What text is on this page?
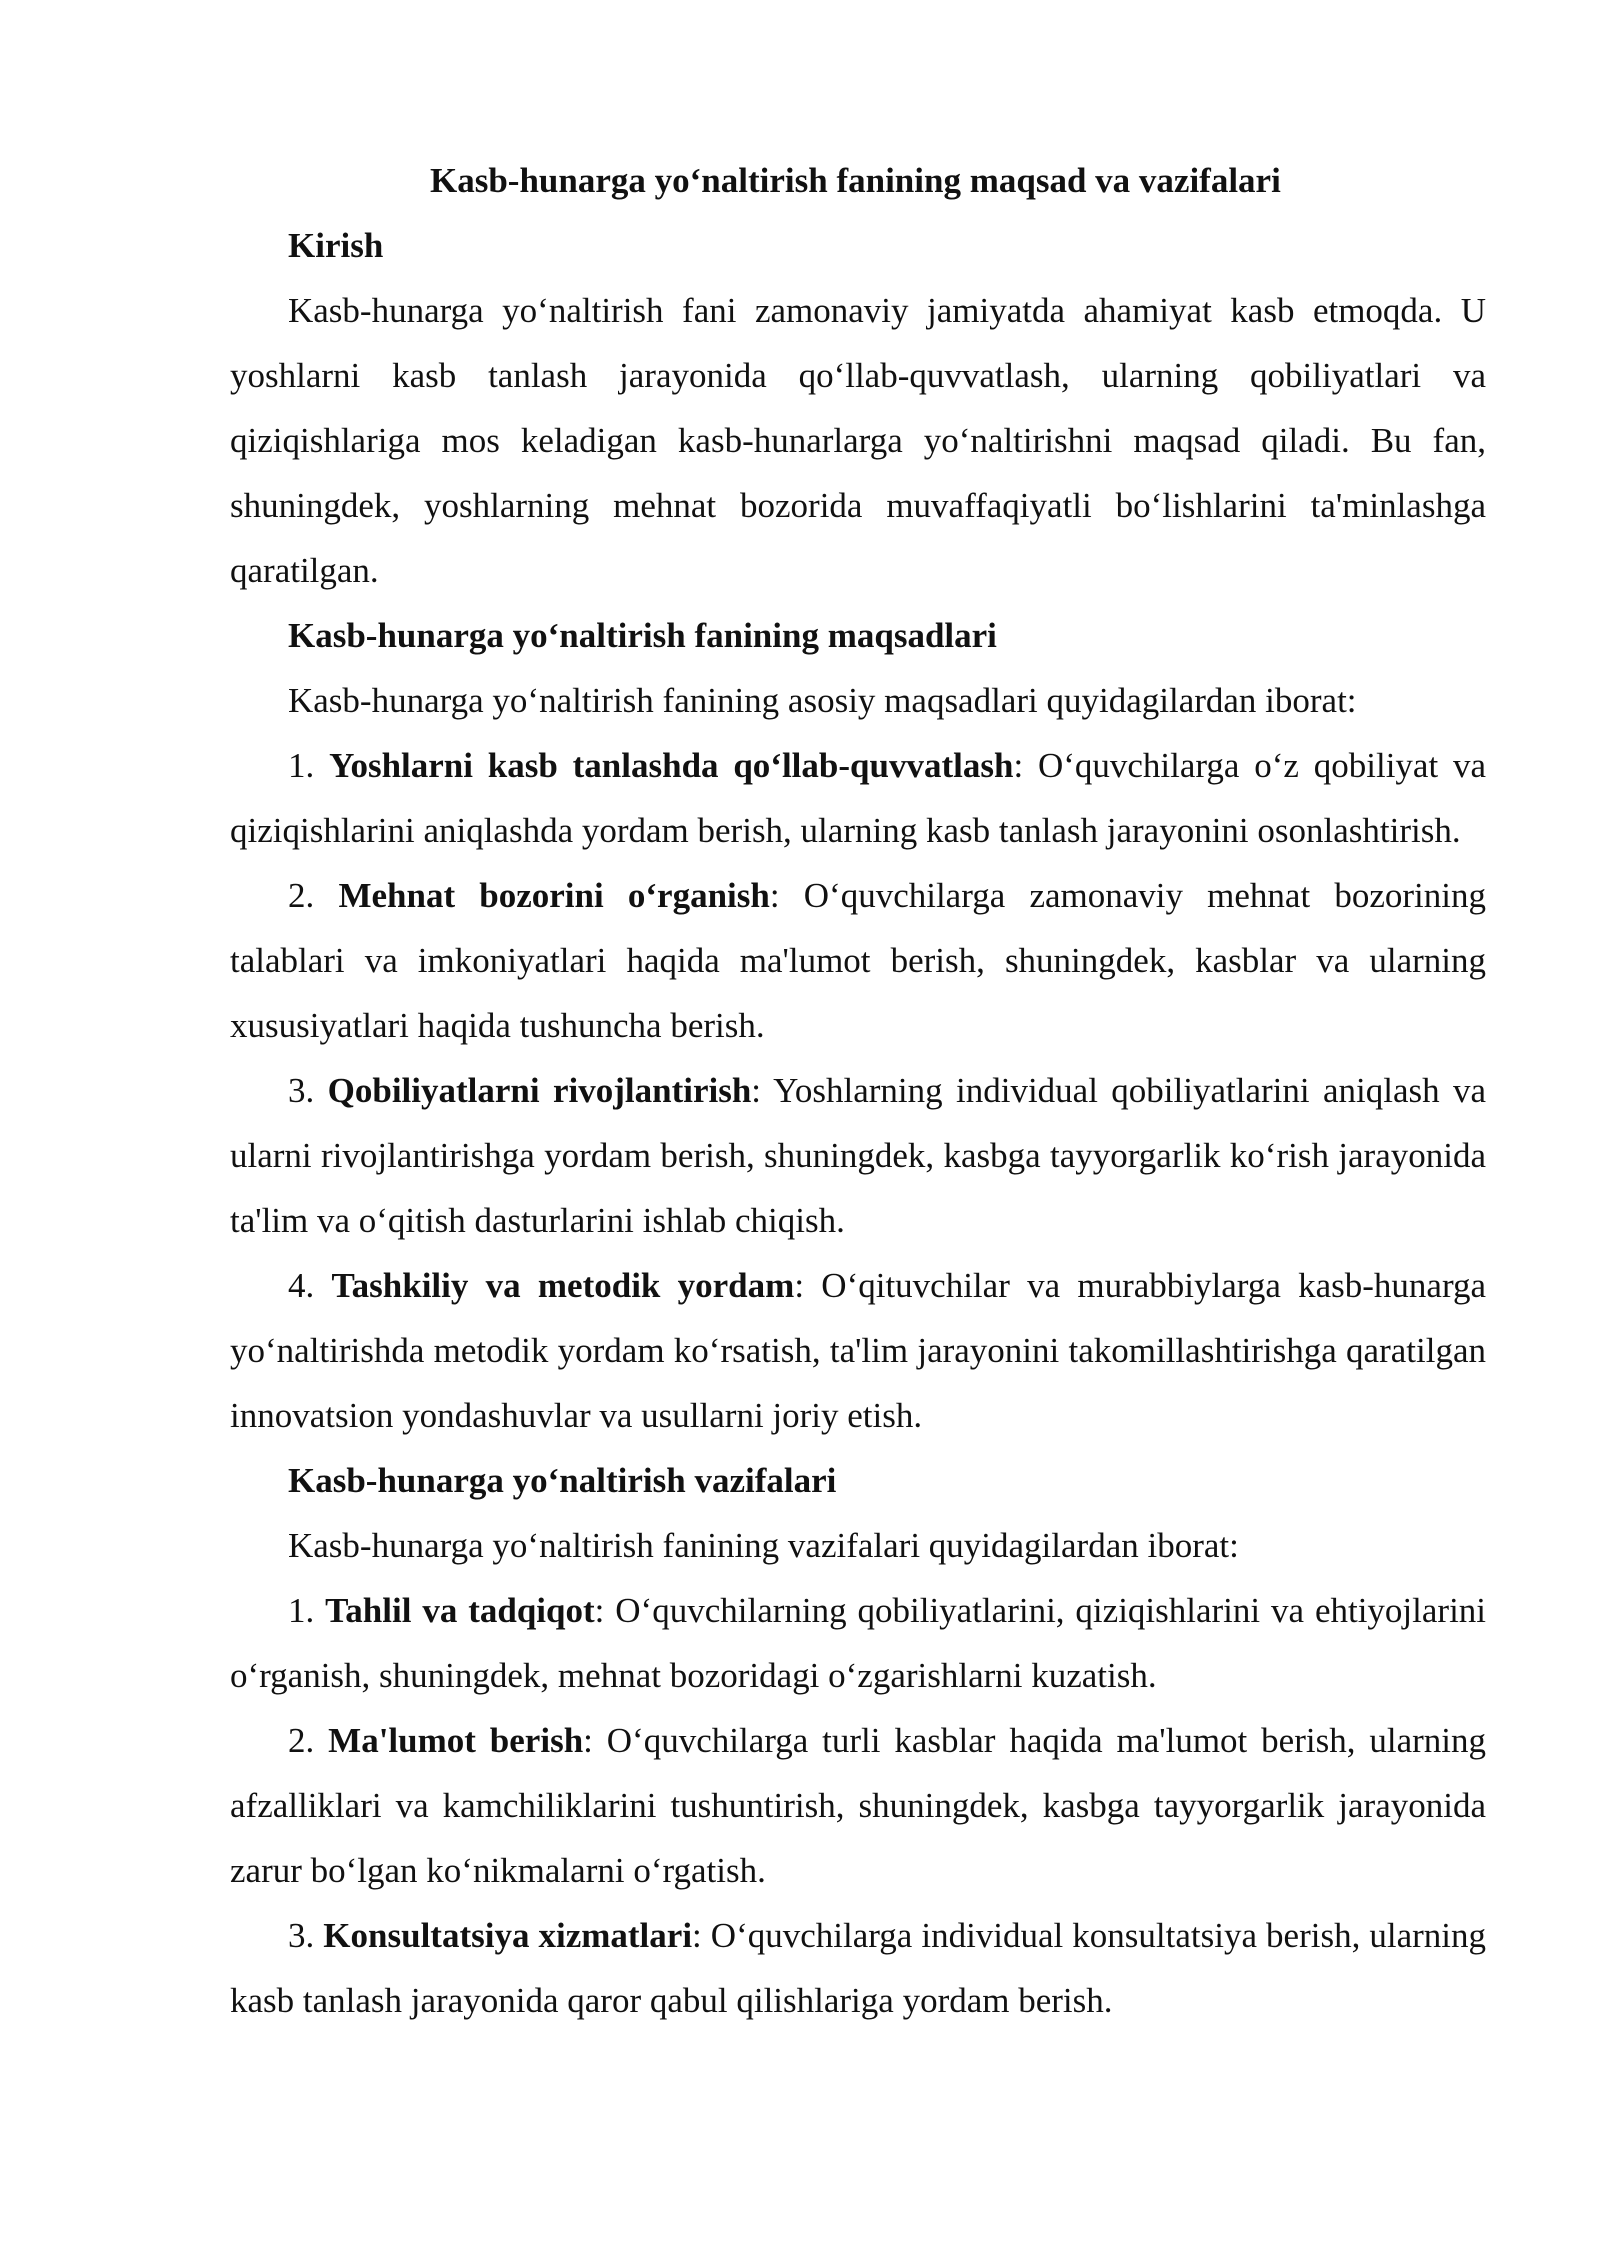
Kasb-hunarga yo‘naltirish fanining maqsad va vazifalari

Kirish

Kasb-hunarga yo‘naltirish fani zamonaviy jamiyatda ahamiyat kasb etmoqda. U yoshlarni kasb tanlash jarayonida qo‘llab-quvvatlash, ularning qobiliyatlari va qiziqishlariga mos keladigan kasb-hunarlarga yo‘naltirishni maqsad qiladi. Bu fan, shuningdek, yoshlarning mehnat bozorida muvaffaqiyatli bo‘lishlarini ta'minlashga qaratilgan.

Kasb-hunarga yo‘naltirish fanining maqsadlari

Kasb-hunarga yo‘naltirish fanining asosiy maqsadlari quyidagilardan iborat:

1. Yoshlarni kasb tanlashda qo‘llab-quvvatlash: O‘quvchilarga o‘z qobiliyat va qiziqishlarini aniqlashda yordam berish, ularning kasb tanlash jarayonini osonlashtirish.

2. Mehnat bozorini o‘rganish: O‘quvchilarga zamonaviy mehnat bozorining talablari va imkoniyatlari haqida ma'lumot berish, shuningdek, kasblar va ularning xususiyatlari haqida tushuncha berish.

3. Qobiliyatlarni rivojlantirish: Yoshlarning individual qobiliyatlarini aniqlash va ularni rivojlantirishga yordam berish, shuningdek, kasbga tayyorgarlik ko‘rish jarayonida ta'lim va o‘qitish dasturlarini ishlab chiqish.

4. Tashkiliy va metodik yordam: O‘qituvchilar va murabbiylarga kasb-hunarga yo‘naltirishda metodik yordam ko‘rsatish, ta'lim jarayonini takomillashtirishga qaratilgan innovatsion yondashuvlar va usullarni joriy etish.

Kasb-hunarga yo‘naltirish vazifalari

Kasb-hunarga yo‘naltirish fanining vazifalari quyidagilardan iborat:

1. Tahlil va tadqiqot: O‘quvchilarning qobiliyatlarini, qiziqishlarini va ehtiyojlarini o‘rganish, shuningdek, mehnat bozoridagi o‘zgarishlarni kuzatish.

2. Ma'lumot berish: O‘quvchilarga turli kasblar haqida ma'lumot berish, ularning afzalliklari va kamchiliklarini tushuntirish, shuningdek, kasbga tayyorgarlik jarayonida zarur bo‘lgan ko‘nikmalarni o‘rgatish.

3. Konsultatsiya xizmatlari: O‘quvchilarga individual konsultatsiya berish, ularning kasb tanlash jarayonida qaror qabul qilishlariga yordam berish.
